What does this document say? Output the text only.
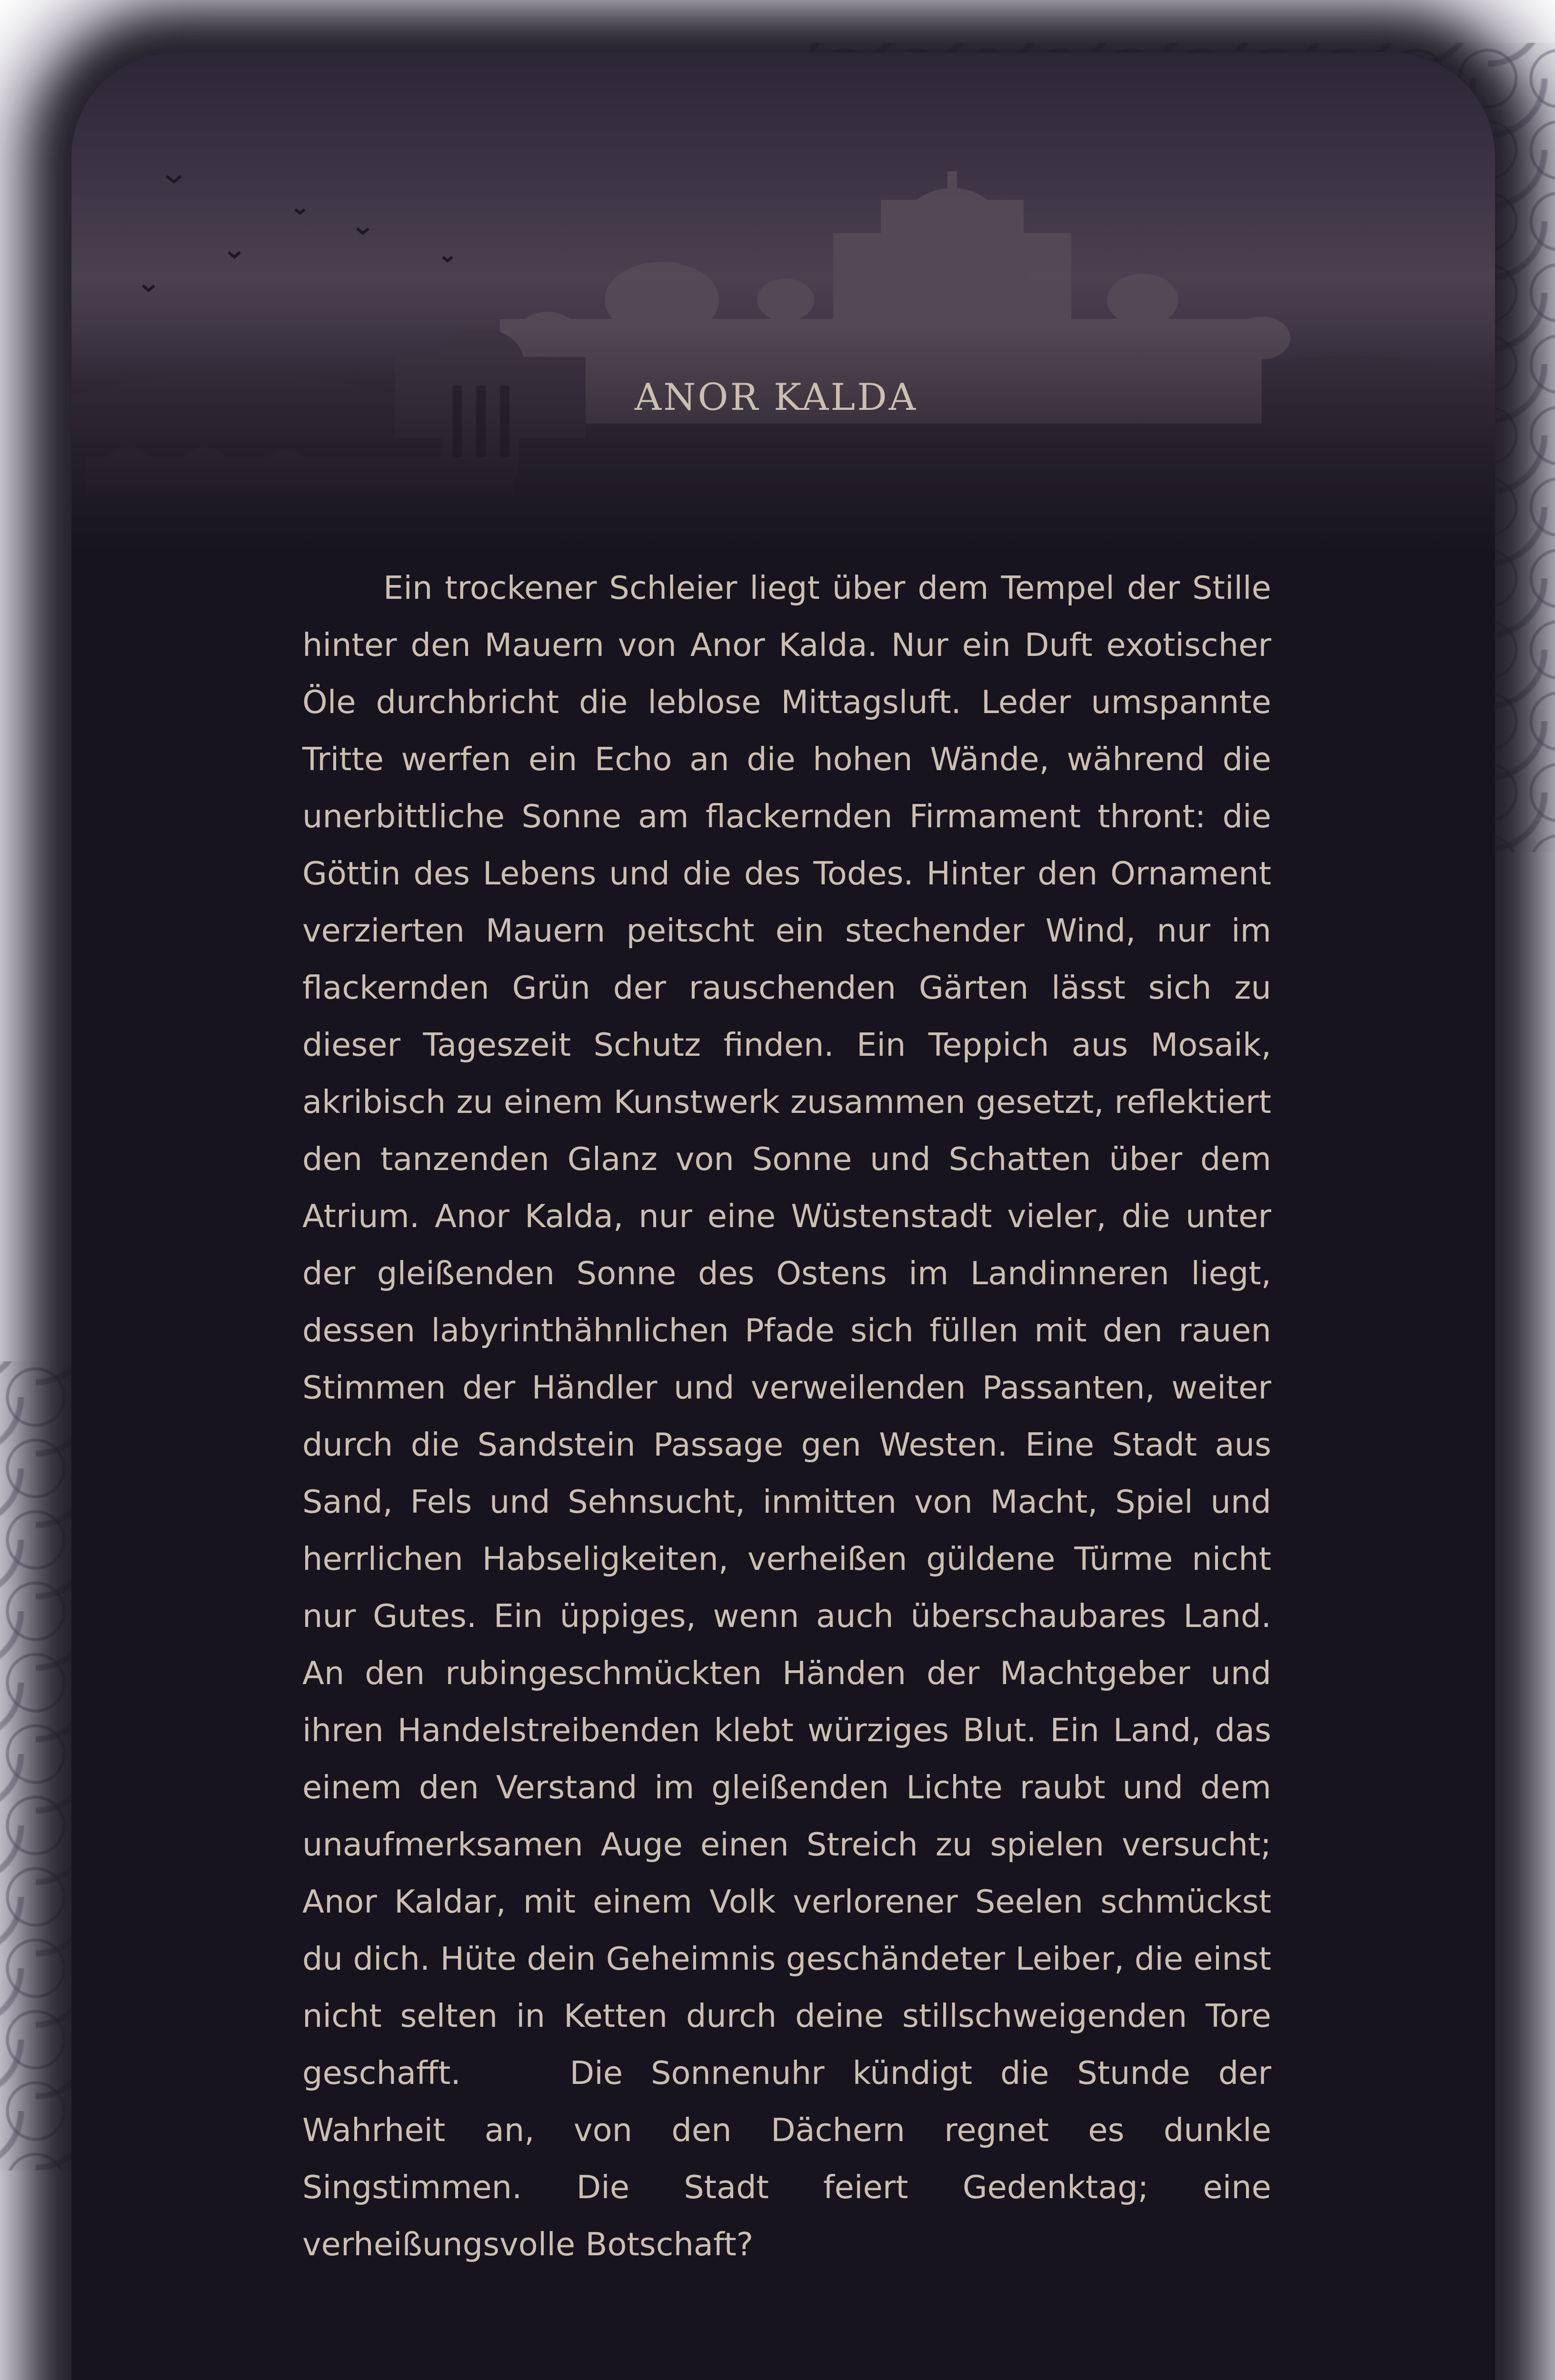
ANOR KALDA

Ein trockener Schleier liegt über dem Tempel der Stille hinter den Mauern von Anor Kalda. Nur ein Duft exotischer Öle durchbricht die leblose Mittagsluft. Leder umspannte Tritte werfen ein Echo an die hohen Wände, während die unerbittliche Sonne am flackernden Firmament thront: die Göttin des Lebens und die des Todes. Hinter den Ornament verzierten Mauern peitscht ein stechender Wind, nur im flackernden Grün der rauschenden Gärten lässt sich zu dieser Tageszeit Schutz finden. Ein Teppich aus Mosaik, akribisch zu einem Kunstwerk zusammen gesetzt, reflektiert den tanzenden Glanz von Sonne und Schatten über dem Atrium. Anor Kalda, nur eine Wüstenstadt vieler, die unter der gleißenden Sonne des Ostens im Landinneren liegt, dessen labyrinthähnlichen Pfade sich füllen mit den rauen Stimmen der Händler und verweilenden Passanten, weiter durch die Sandstein Passage gen Westen. Eine Stadt aus Sand, Fels und Sehnsucht, inmitten von Macht, Spiel und herrlichen Habseligkeiten, verheißen güldene Türme nicht nur Gutes. Ein üppiges, wenn auch überschaubares Land. An den rubingeschmückten Händen der Machtgeber und ihren Handelstreibenden klebt würziges Blut. Ein Land, das einem den Verstand im gleißenden Lichte raubt und dem unaufmerksamen Auge einen Streich zu spielen versucht; Anor Kaldar, mit einem Volk verlorener Seelen schmückst du dich. Hüte dein Geheimnis geschändeter Leiber, die einst nicht selten in Ketten durch deine stillschweigenden Tore geschafft.	Die Sonnenuhr kündigt die Stunde der Wahrheit an, von den Dächern regnet es dunkle Singstimmen. Die Stadt feiert Gedenktag; eine verheißungsvolle Botschaft?
